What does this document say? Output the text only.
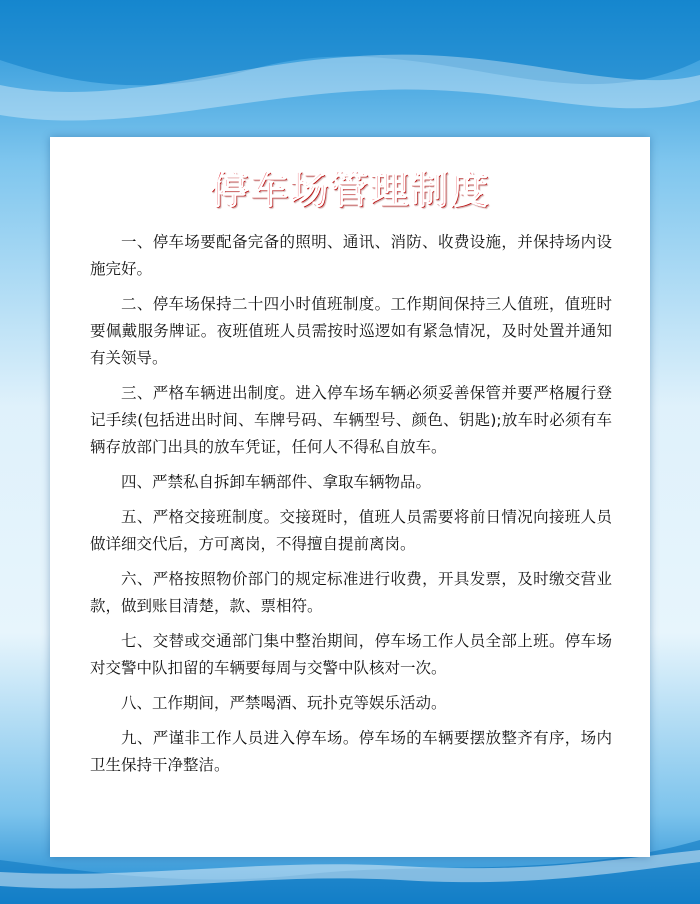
停车场管理制度
一、停车场要配备完备的照明、通讯、消防、收费设施，并保持场内设施完好。
二、停车场保持二十四小时值班制度。工作期间保持三人值班，值班时要佩戴服务牌证。夜班值班人员需按时巡逻如有紧急情况，及时处置并通知有关领导。
三、严格车辆进出制度。进入停车场车辆必须妥善保管并要严格履行登记手续(包括进出时间、车牌号码、车辆型号、颜色、钥匙);放车时必须有车辆存放部门出具的放车凭证，任何人不得私自放车。
四、严禁私自拆卸车辆部件、拿取车辆物品。
五、严格交接班制度。交接斑时，值班人员需要将前日情况向接班人员做详细交代后，方可离岗，不得擅自提前离岗。
六、严格按照物价部门的规定标准进行收费，开具发票，及时缴交营业款，做到账目清楚，款、票相符。
七、交替或交通部门集中整治期间，停车场工作人员全部上班。停车场对交警中队扣留的车辆要每周与交警中队核对一次。
八、工作期间，严禁喝酒、玩扑克等娱乐活动。
九、严谨非工作人员进入停车场。停车场的车辆要摆放整齐有序，场内卫生保持干净整洁。
